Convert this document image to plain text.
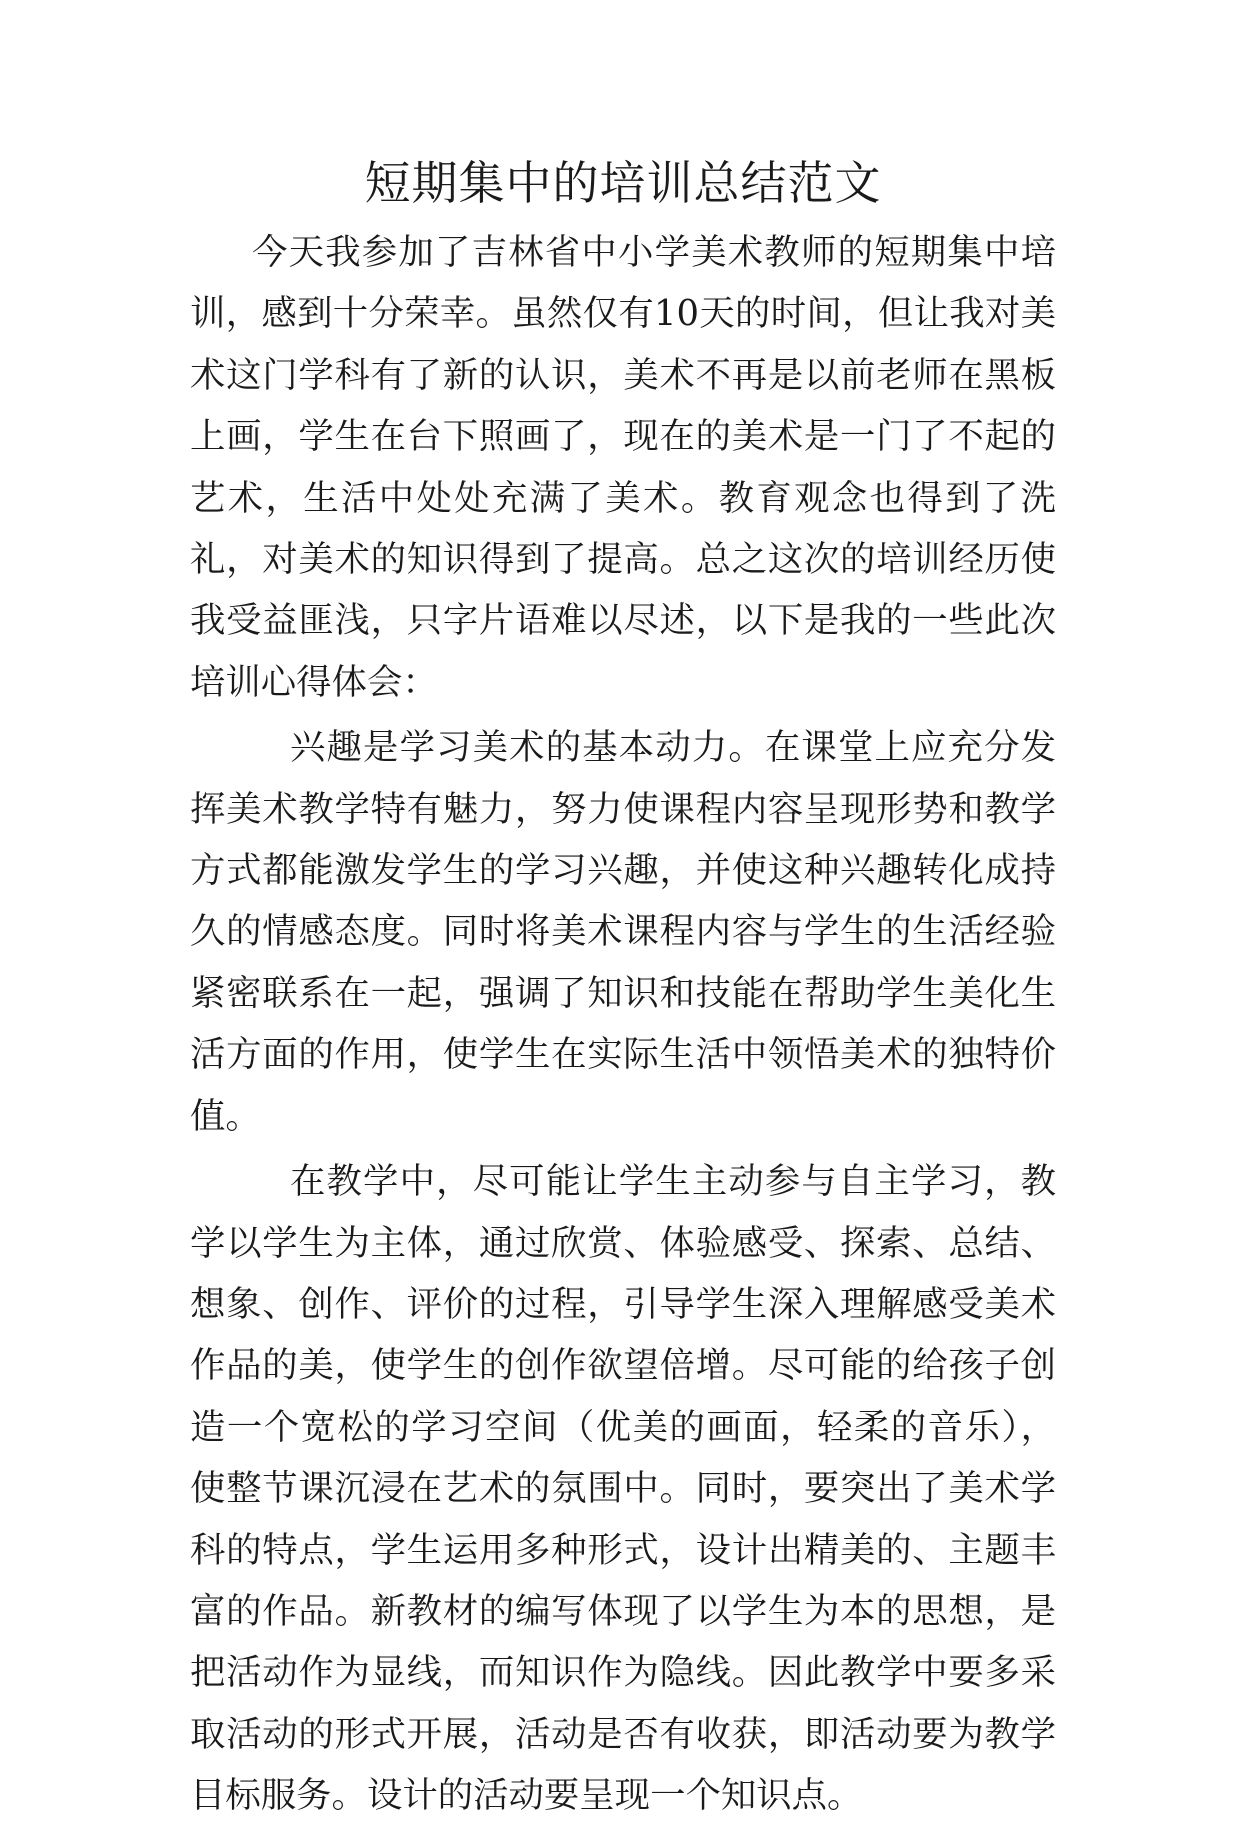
短期集中的培训总结范文

今天我参加了吉林省中小学美术教师的短期集中培训，感到十分荣幸。虽然仅有10天的时间，但让我对美术这门学科有了新的认识，美术不再是以前老师在黑板上画，学生在台下照画了，现在的美术是一门了不起的艺术，生活中处处充满了美术。教育观念也得到了洗礼，对美术的知识得到了提高。总之这次的培训经历使我受益匪浅，只字片语难以尽述，以下是我的一些此次培训心得体会：

兴趣是学习美术的基本动力。在课堂上应充分发挥美术教学特有魅力，努力使课程内容呈现形势和教学方式都能激发学生的学习兴趣，并使这种兴趣转化成持久的情感态度。同时将美术课程内容与学生的生活经验紧密联系在一起，强调了知识和技能在帮助学生美化生活方面的作用，使学生在实际生活中领悟美术的独特价值。

在教学中，尽可能让学生主动参与自主学习，教学以学生为主体，通过欣赏、体验感受、探索、总结、想象、创作、评价的过程，引导学生深入理解感受美术作品的美，使学生的创作欲望倍增。尽可能的给孩子创造一个宽松的学习空间（优美的画面，轻柔的音乐），使整节课沉浸在艺术的氛围中。同时，要突出了美术学科的特点，学生运用多种形式，设计出精美的、主题丰富的作品。新教材的编写体现了以学生为本的思想，是把活动作为显线，而知识作为隐线。因此教学中要多采取活动的形式开展，活动是否有收获，即活动要为教学目标服务。设计的活动要呈现一个知识点。
